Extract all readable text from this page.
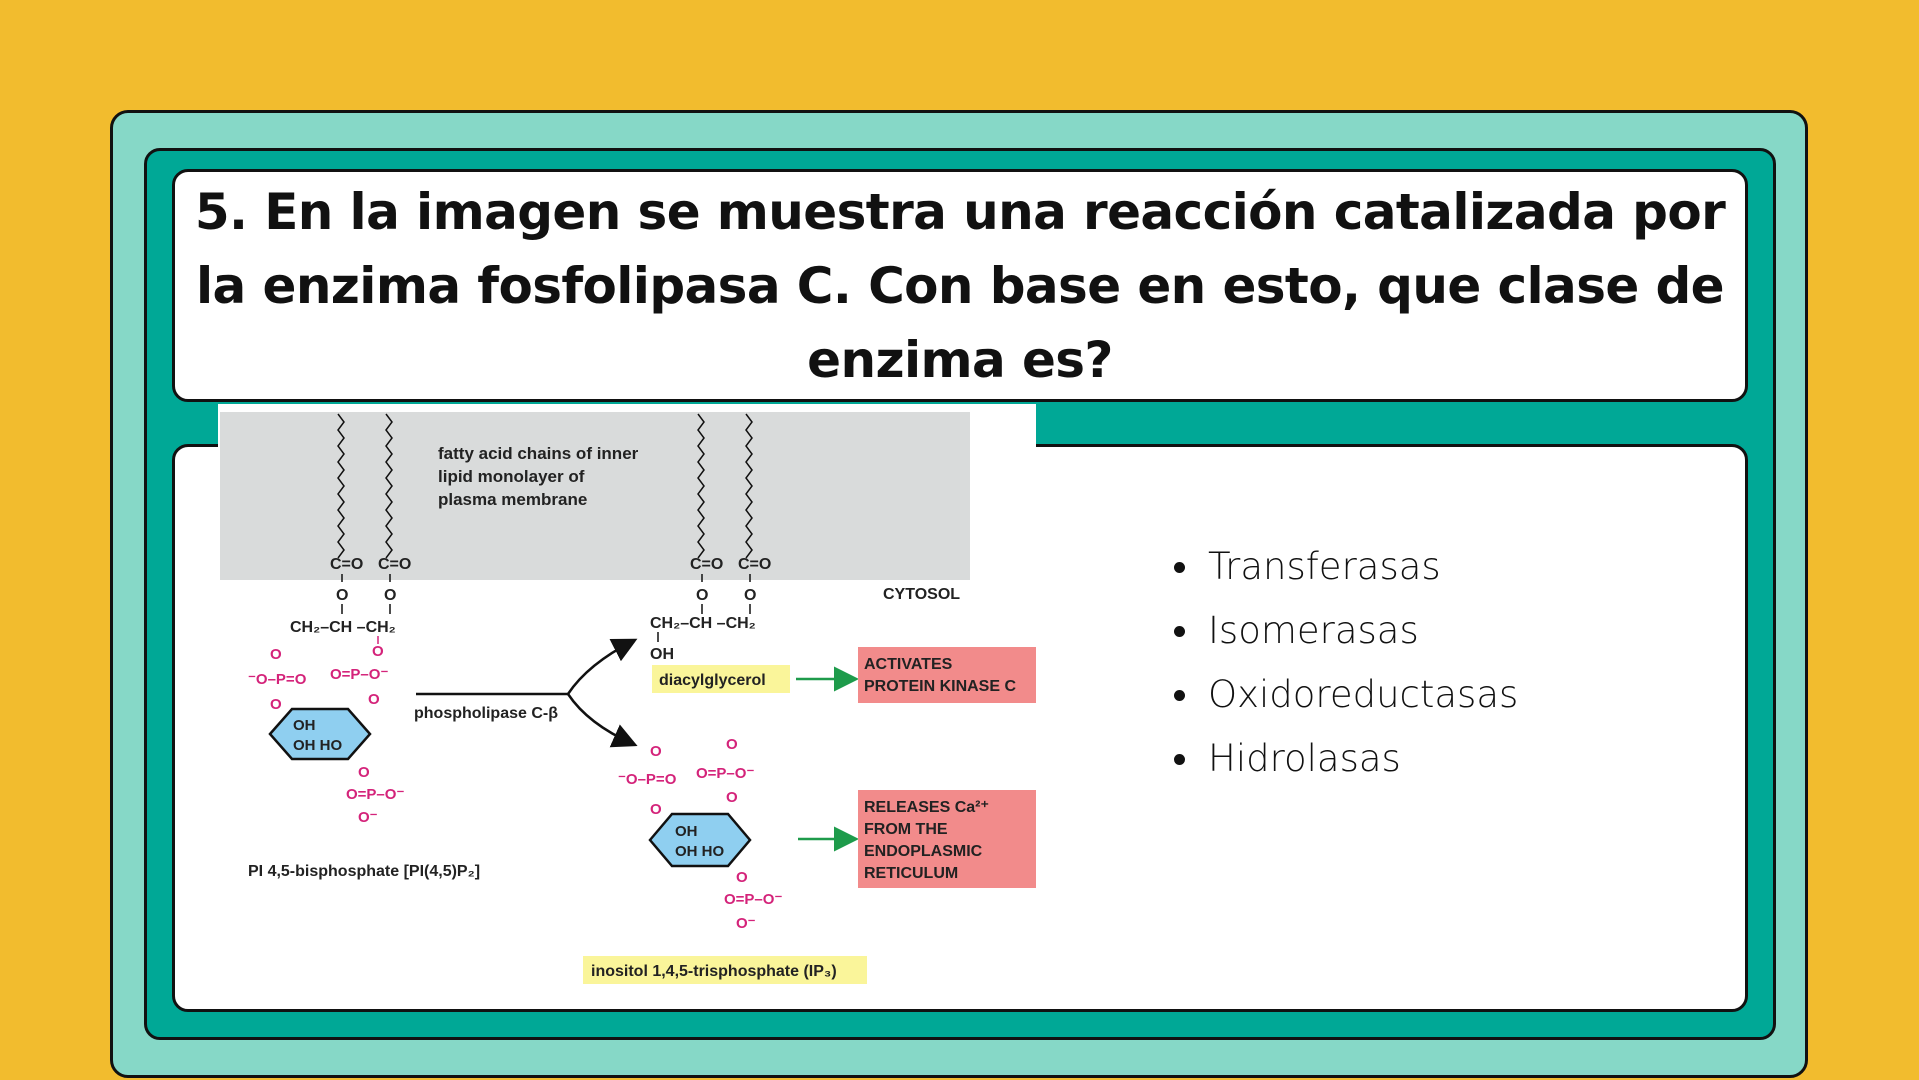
5. En la imagen se muestra una reacción catalizada por la enzima fosfolipasa C. Con base en esto, que clase de enzima es?
fatty acid chains of inner
lipid monolayer of
plasma membrane
C=O C=O
O O
CH₂–CH –CH₂
O
O=P–O⁻
⁻O–P=O
O
O	O
OH
OH HO
O
O=P–O⁻
O⁻
PI 4,5-bisphosphate [PI(4,5)P₂]
phospholipase C-β
CYTOSOL
C=O C=O
O O
CH₂–CH –CH₂
OH
diacylglycerol
ACTIVATES
PROTEIN KINASE C
O
⁻O–P=O
O
O
O=P–O⁻
O
OH
OH HO
O
O=P–O⁻
O⁻
RELEASES Ca²⁺
FROM THE
ENDOPLASMIC
RETICULUM
inositol 1,4,5-trisphosphate (IP₃)
Transferasas
Isomerasas
Oxidoreductasas
Hidrolasas
